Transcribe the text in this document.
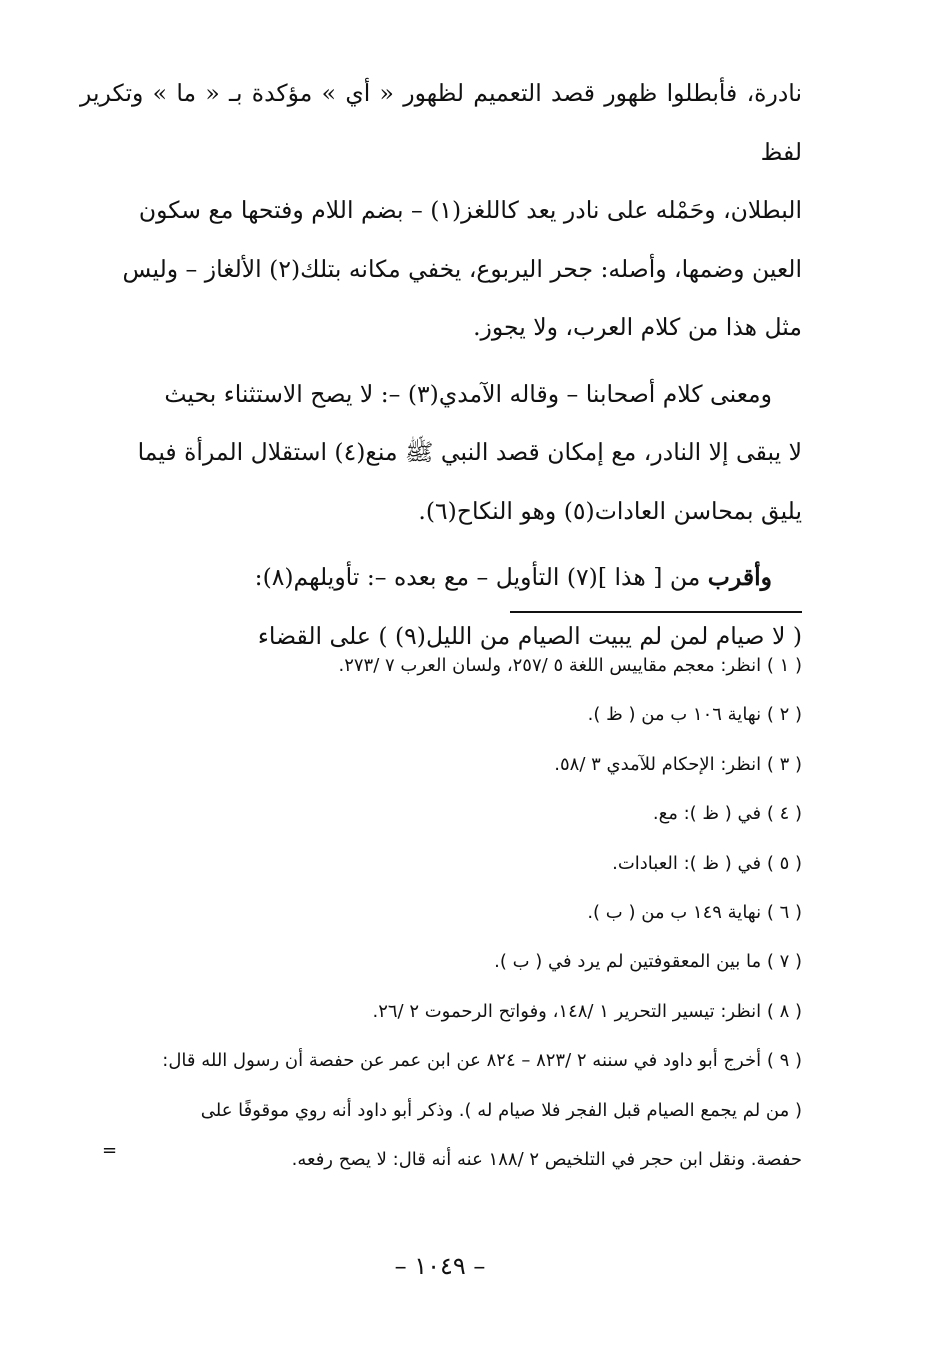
نادرة، فأبطلوا ظهور قصد التعميم لظهور « أي » مؤكدة بـ « ما » وتكرير لفظ

البطلان، وحَمْله على نادر يعد كاللغز(١) – بضم اللام وفتحها مع سكون

العين وضمها، وأصله: جحر اليربوع، يخفي مكانه بتلك(٢) الألغاز – وليس

مثل هذا من كلام العرب، ولا يجوز.

ومعنى كلام أصحابنا – وقاله الآمدي(٣) –: لا يصح الاستثناء بحيث

لا يبقى إلا النادر، مع إمكان قصد النبي ﷺ منع(٤) استقلال المرأة فيما

يليق بمحاسن العادات(٥) وهو النكاح(٦).

وأقرب من [ هذا ](٧) التأويل – مع بعده –: تأويلهم(٨):

( لا صيام لمن لم يبيت الصيام من الليل(٩) ) على القضاء

( ١ ) انظر: معجم مقاييس اللغة ٥ /٢٥٧، ولسان العرب ٧ /٢٧٣.

( ٢ ) نهاية ١٠٦ ب من ( ظ ).

( ٣ ) انظر: الإحكام للآمدي ٣ /٥٨.

( ٤ ) في ( ظ ): مع.

( ٥ ) في ( ظ ): العبادات.

( ٦ ) نهاية ١٤٩ ب من ( ب ).

( ٧ ) ما بين المعقوفتين لم يرد في ( ب ).

( ٨ ) انظر: تيسير التحرير ١ /١٤٨، وفواتح الرحموت ٢ /٢٦.

( ٩ ) أخرج أبو داود في سننه ٢ /٨٢٣ – ٨٢٤ عن ابن عمر عن حفصة أن رسول الله قال:

( من لم يجمع الصيام قبل الفجر فلا صيام له ). وذكر أبو داود أنه روي موقوفًا على

حفصة. ونقل ابن حجر في التلخيص ٢ /١٨٨ عنه أنه قال: لا يصح رفعه.

=
– ١٠٤٩ –
